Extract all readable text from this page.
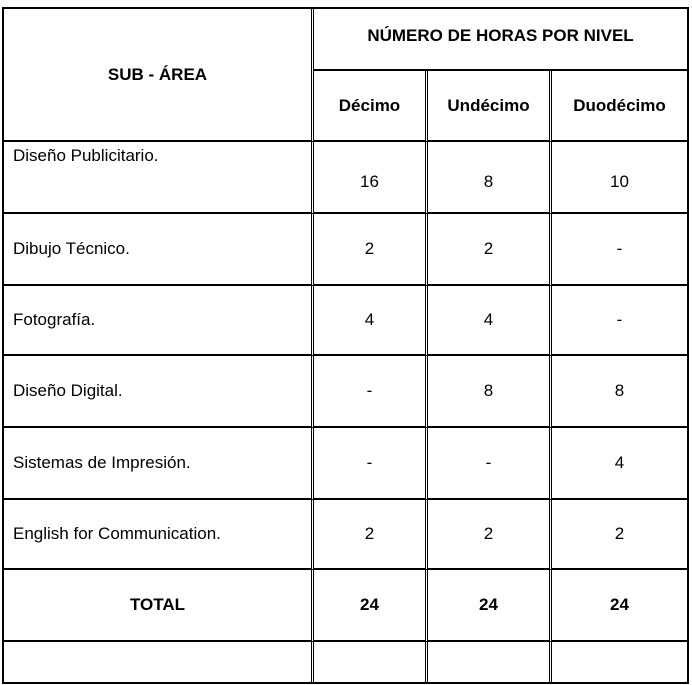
SUB - ÁREA	NÚMERO DE HORAS POR NIVEL		
	Décimo	Undécimo	Duodécimo
Diseño Publicitario.	16	8	10
Dibujo Técnico.	2	2	-
Fotografía.	4	4	-
Diseño Digital.	-	8	8
Sistemas de Impresión.	-	-	4
English for Communication.	2	2	2
TOTAL	24	24	24
